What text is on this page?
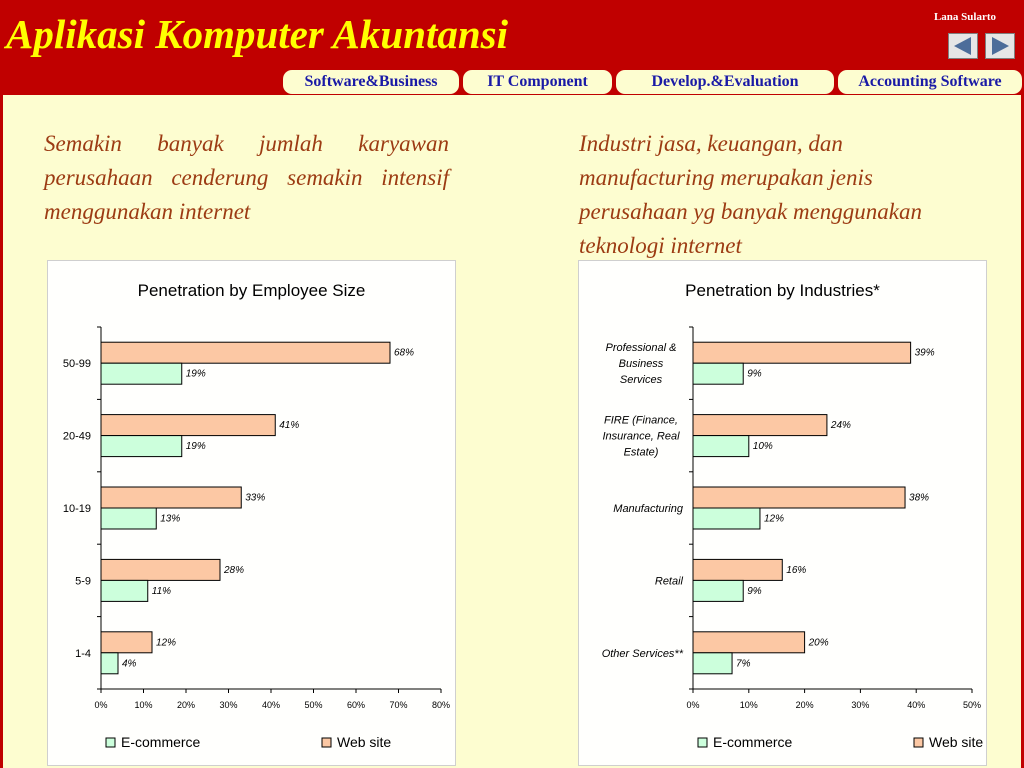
Aplikasi Komputer Akuntansi	Lana Sularto
Software&Business	IT Component	Develop.&Evaluation	Accounting Software
Semakin banyak jumlah karyawan perusahaan cenderung semakin intensif menggunakan internet
Industri jasa, keuangan, dan manufacturing merupakan jenis perusahaan yg banyak menggunakan teknologi internet
Penetration by Employee Size
0%	10%	20%	30%	40%	50%	60%	70%	80%
68%
19%
50-99
41%
19%
20-49
33%
13%
10-19
28%
11%
5-9
12%
4%
1-4
E-commerce	Web site
Penetration by Industries*
0%	10%	20%	30%	40%	50%
39%
9%
Professional & Business Services
24%
10%
FIRE (Finance, Insurance, Real Estate)
38%
12%
Manufacturing
16%
9%
Retail
20%
7%
Other Services**
E-commerce	Web site
